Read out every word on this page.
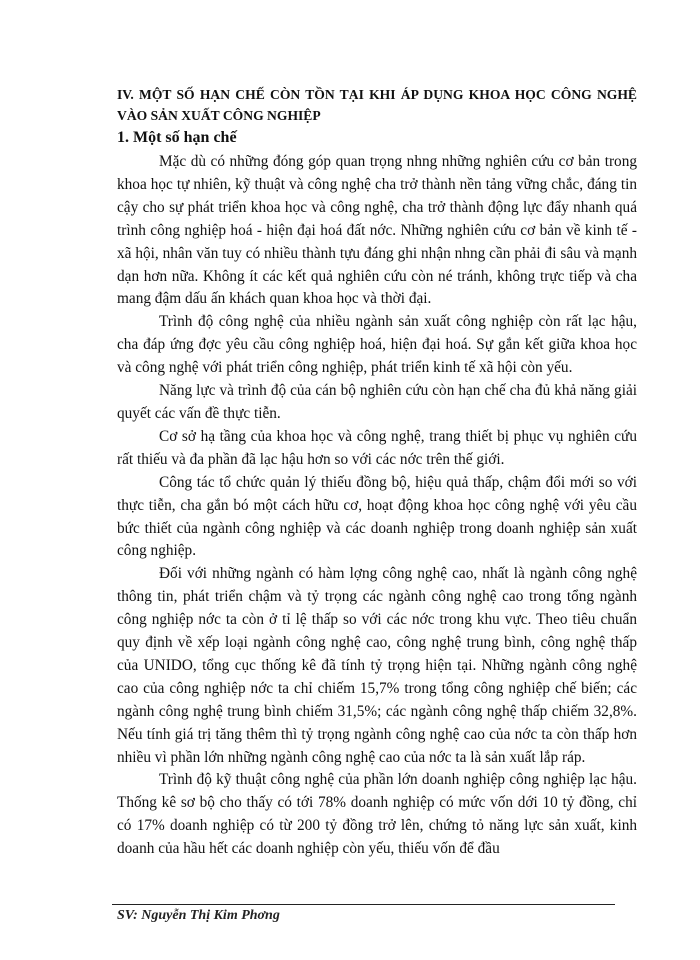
IV. MỘT SỐ HẠN CHẾ CÒN TỒN TẠI KHI ÁP DỤNG KHOA HỌC CÔNG NGHỆ VÀO SẢN XUẤT CÔNG NGHIỆP
1. Một số hạn chế

Mặc dù có những đóng góp quan trọng nhng những nghiên cứu cơ bản trong khoa học tự nhiên, kỹ thuật và công nghệ cha trở thành nền tảng vững chắc, đáng tin cậy cho sự phát triển khoa học và công nghệ, cha trở thành động lực đẩy nhanh quá trình công nghiệp hoá - hiện đại hoá đất nớc. Những nghiên cứu cơ bản về kinh tế - xã hội, nhân văn tuy có nhiều thành tựu đáng ghi nhận nhng cần phải đi sâu và mạnh dạn hơn nữa. Không ít các kết quả nghiên cứu còn né tránh, không trực tiếp và cha mang đậm dấu ấn khách quan khoa học và thời đại.

Trình độ công nghệ của nhiều ngành sản xuất công nghiệp còn rất lạc hậu, cha đáp ứng đợc yêu cầu công nghiệp hoá, hiện đại hoá. Sự gắn kết giữa khoa học và công nghệ với phát triển công nghiệp, phát triển kinh tế xã hội còn yếu.

Năng lực và trình độ của cán bộ nghiên cứu còn hạn chế cha đủ khả năng giải quyết các vấn đề thực tiễn.

Cơ sở hạ tầng của khoa học và công nghệ, trang thiết bị phục vụ nghiên cứu rất thiếu và đa phần đã lạc hậu hơn so với các nớc trên thế giới.

Công tác tổ chức quản lý thiếu đồng bộ, hiệu quả thấp, chậm đổi mới so với thực tiễn, cha gắn bó một cách hữu cơ, hoạt động khoa học công nghệ với yêu cầu bức thiết của ngành công nghiệp và các doanh nghiệp trong doanh nghiệp sản xuất công nghiệp.

Đối với những ngành có hàm lợng công nghệ cao, nhất là ngành công nghệ thông tin, phát triển chậm và tỷ trọng các ngành công nghệ cao trong tổng ngành công nghiệp nớc ta còn ở tỉ lệ thấp so với các nớc trong khu vực. Theo tiêu chuẩn quy định về xếp loại ngành công nghệ cao, công nghệ trung bình, công nghệ thấp của UNIDO, tổng cục thống kê đã tính tỷ trọng hiện tại. Những ngành công nghệ cao của công nghiệp nớc ta chỉ chiếm 15,7% trong tổng công nghiệp chế biến; các ngành công nghệ trung bình chiếm 31,5%; các ngành công nghệ thấp chiếm 32,8%. Nếu tính giá trị tăng thêm thì tỷ trọng ngành công nghệ cao của nớc ta còn thấp hơn nhiều vì phần lớn những ngành công nghệ cao của nớc ta là sản xuất lắp ráp.

Trình độ kỹ thuật công nghệ của phần lớn doanh nghiệp công nghiệp lạc hậu. Thống kê sơ bộ cho thấy có tới 78% doanh nghiệp có mức vốn dới 10 tỷ đồng, chỉ có 17% doanh nghiệp có từ 200 tỷ đồng trở lên, chứng tỏ năng lực sản xuất, kinh doanh của hầu hết các doanh nghiệp còn yếu, thiếu vốn để đầu

SV: Nguyễn Thị Kim Phơng
